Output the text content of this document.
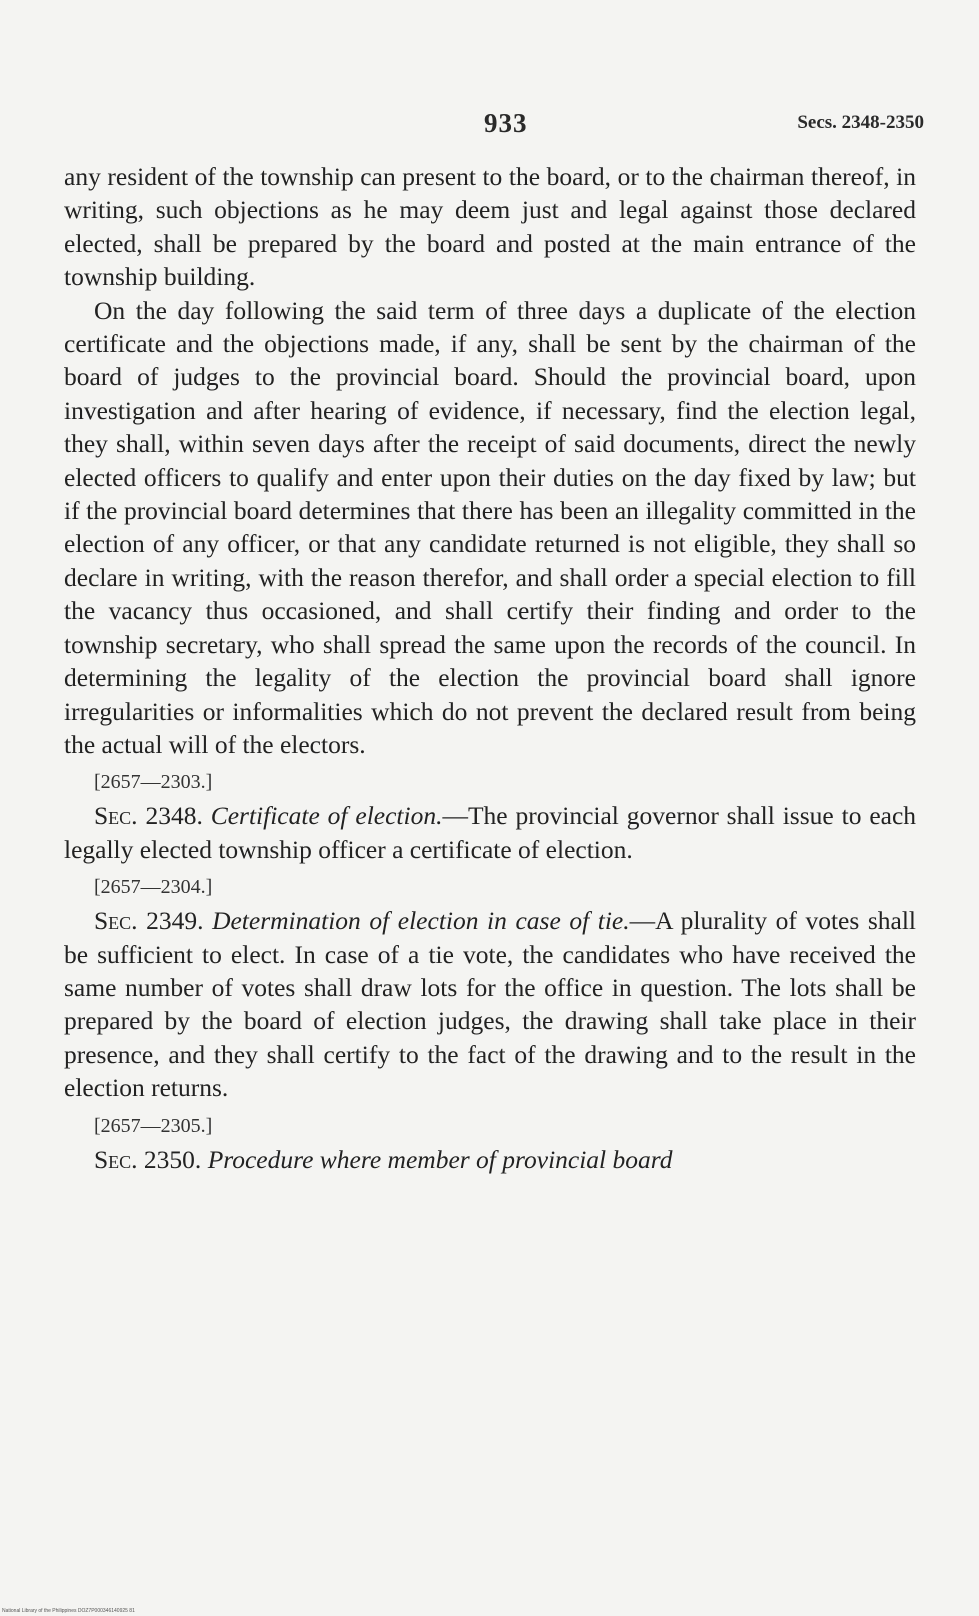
933	Secs. 2348-2350

any resident of the township can present to the board, or to the chairman thereof, in writing, such objections as he may deem just and legal against those declared elected, shall be prepared by the board and posted at the main entrance of the township building.

On the day following the said term of three days a duplicate of the election certificate and the objections made, if any, shall be sent by the chairman of the board of judges to the provincial board. Should the provincial board, upon investigation and after hearing of evidence, if necessary, find the election legal, they shall, within seven days after the receipt of said documents, direct the newly elected officers to qualify and enter upon their duties on the day fixed by law; but if the provincial board determines that there has been an illegality committed in the election of any officer, or that any candidate returned is not eligible, they shall so declare in writing, with the reason therefor, and shall order a special election to fill the vacancy thus occasioned, and shall certify their finding and order to the township secretary, who shall spread the same upon the records of the council. In determining the legality of the election the provincial board shall ignore irregularities or informalities which do not prevent the declared result from being the actual will of the electors.

[2657—2303.]

Sec. 2348. Certificate of election.—The provincial governor shall issue to each legally elected township officer a certificate of election.

[2657—2304.]

Sec. 2349. Determination of election in case of tie.—A plurality of votes shall be sufficient to elect. In case of a tie vote, the candidates who have received the same number of votes shall draw lots for the office in question. The lots shall be prepared by the board of election judges, the drawing shall take place in their presence, and they shall certify to the fact of the drawing and to the result in the election returns.

[2657—2305.]

Sec. 2350. Procedure where member of provincial board

National Library of the Philippines DOZ7P000346140925 81
